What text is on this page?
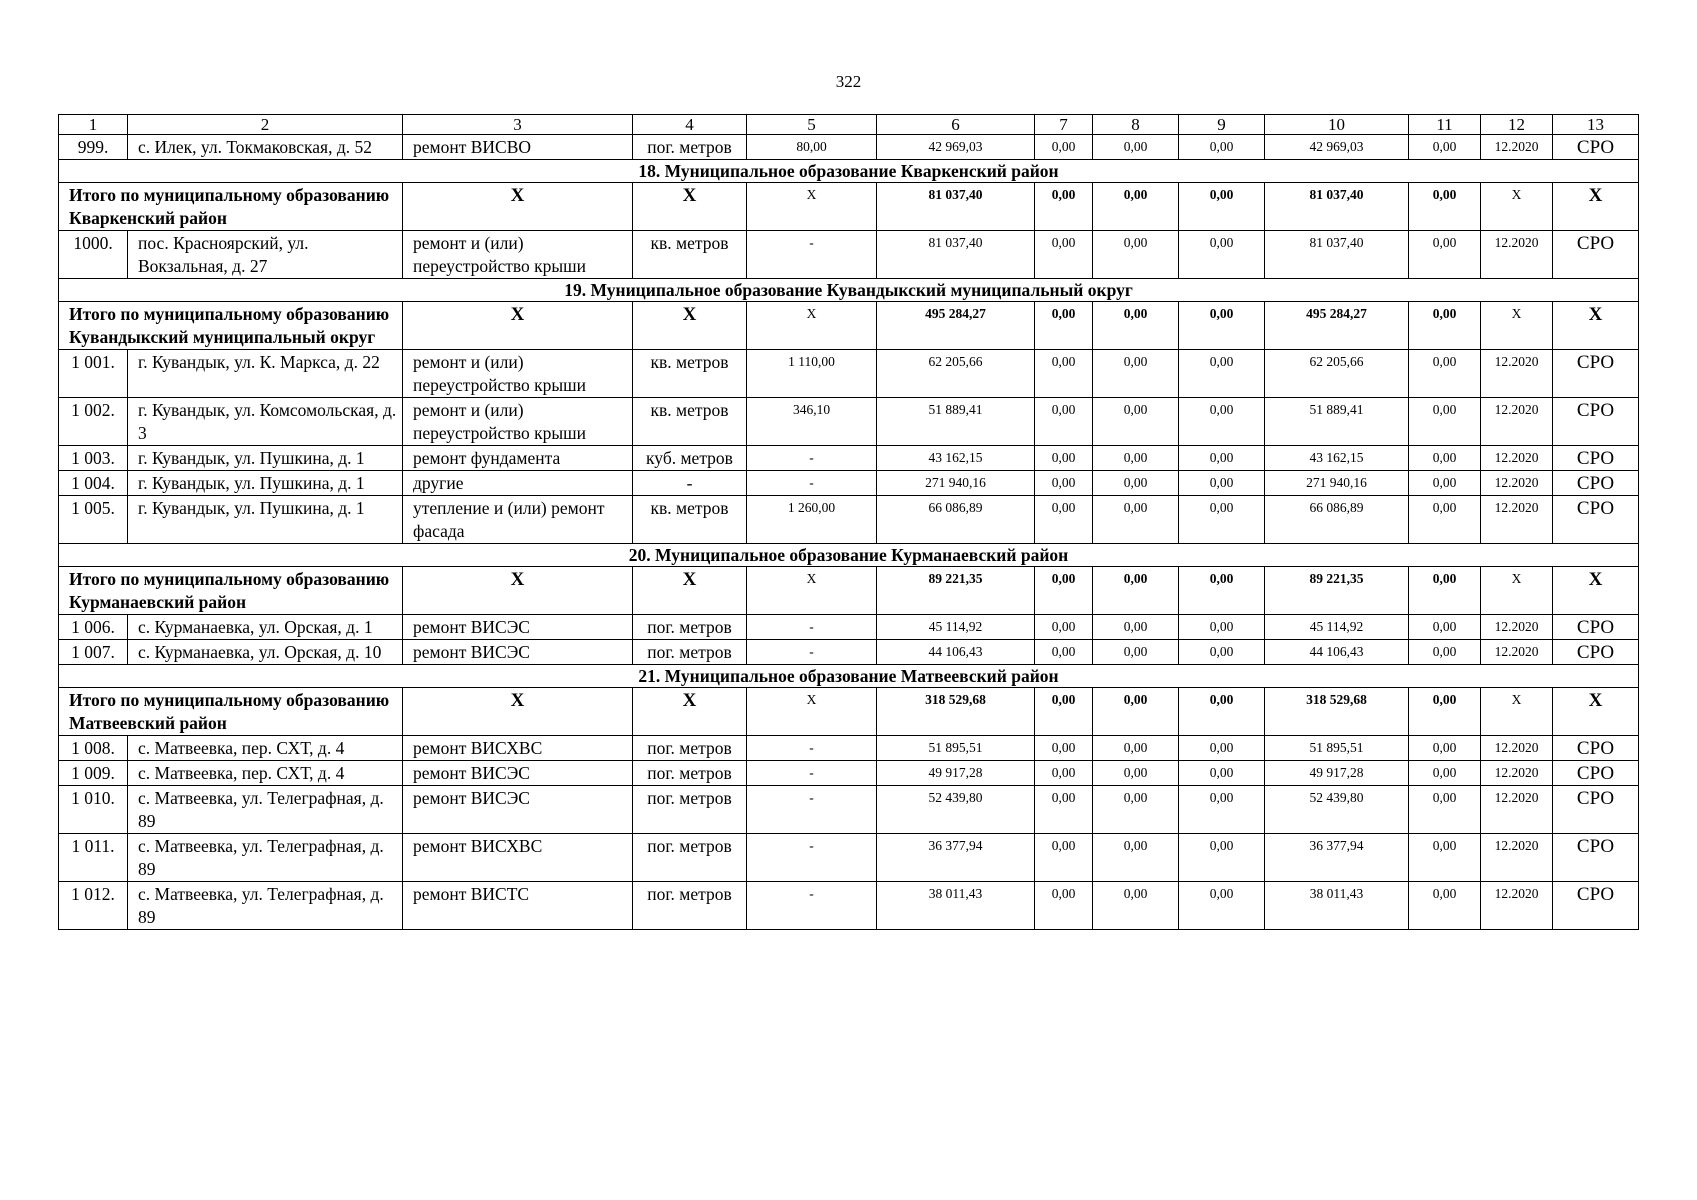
322
1	2	3	4	5	6	7	8	9	10	11	12	13
999.	с. Илек, ул. Токмаковская, д. 52	ремонт ВИСВО	пог. метров	80,00	42 969,03	0,00	0,00	0,00	42 969,03	0,00	12.2020	СРО
18. Муниципальное образование Кваркенский район												
Итого по муниципальному образованию Кваркенский район		Х	Х	Х	81 037,40	0,00	0,00	0,00	81 037,40	0,00	Х	Х
1000.	пос. Красноярский, ул. Вокзальная, д. 27	ремонт и (или) переустройство крыши	кв. метров	-	81 037,40	0,00	0,00	0,00	81 037,40	0,00	12.2020	СРО
19. Муниципальное образование Кувандыкский муниципальный округ												
Итого по муниципальному образованию Кувандыкский муниципальный округ		Х	Х	Х	495 284,27	0,00	0,00	0,00	495 284,27	0,00	Х	Х
1 001.	г. Кувандык, ул. К. Маркса, д. 22	ремонт и (или) переустройство крыши	кв. метров	1 110,00	62 205,66	0,00	0,00	0,00	62 205,66	0,00	12.2020	СРО
1 002.	г. Кувандык, ул. Комсомольская, д. 3	ремонт и (или) переустройство крыши	кв. метров	346,10	51 889,41	0,00	0,00	0,00	51 889,41	0,00	12.2020	СРО
1 003.	г. Кувандык, ул. Пушкина, д. 1	ремонт фундамента	куб. метров	-	43 162,15	0,00	0,00	0,00	43 162,15	0,00	12.2020	СРО
1 004.	г. Кувандык, ул. Пушкина, д. 1	другие	-	-	271 940,16	0,00	0,00	0,00	271 940,16	0,00	12.2020	СРО
1 005.	г. Кувандык, ул. Пушкина, д. 1	утепление и (или) ремонт фасада	кв. метров	1 260,00	66 086,89	0,00	0,00	0,00	66 086,89	0,00	12.2020	СРО
20. Муниципальное образование Курманаевский район												
Итого по муниципальному образованию Курманаевский район		Х	Х	Х	89 221,35	0,00	0,00	0,00	89 221,35	0,00	Х	Х
1 006.	с. Курманаевка, ул. Орская, д. 1	ремонт ВИСЭС	пог. метров	-	45 114,92	0,00	0,00	0,00	45 114,92	0,00	12.2020	СРО
1 007.	с. Курманаевка, ул. Орская, д. 10	ремонт ВИСЭС	пог. метров	-	44 106,43	0,00	0,00	0,00	44 106,43	0,00	12.2020	СРО
21. Муниципальное образование Матвеевский район												
Итого по муниципальному образованию Матвеевский район		Х	Х	Х	318 529,68	0,00	0,00	0,00	318 529,68	0,00	Х	Х
1 008.	с. Матвеевка, пер. СХТ, д. 4	ремонт ВИСХВС	пог. метров	-	51 895,51	0,00	0,00	0,00	51 895,51	0,00	12.2020	СРО
1 009.	с. Матвеевка, пер. СХТ, д. 4	ремонт ВИСЭС	пог. метров	-	49 917,28	0,00	0,00	0,00	49 917,28	0,00	12.2020	СРО
1 010.	с. Матвеевка, ул. Телеграфная, д. 89	ремонт ВИСЭС	пог. метров	-	52 439,80	0,00	0,00	0,00	52 439,80	0,00	12.2020	СРО
1 011.	с. Матвеевка, ул. Телеграфная, д. 89	ремонт ВИСХВС	пог. метров	-	36 377,94	0,00	0,00	0,00	36 377,94	0,00	12.2020	СРО
1 012.	с. Матвеевка, ул. Телеграфная, д. 89	ремонт ВИСТС	пог. метров	-	38 011,43	0,00	0,00	0,00	38 011,43	0,00	12.2020	СРО
